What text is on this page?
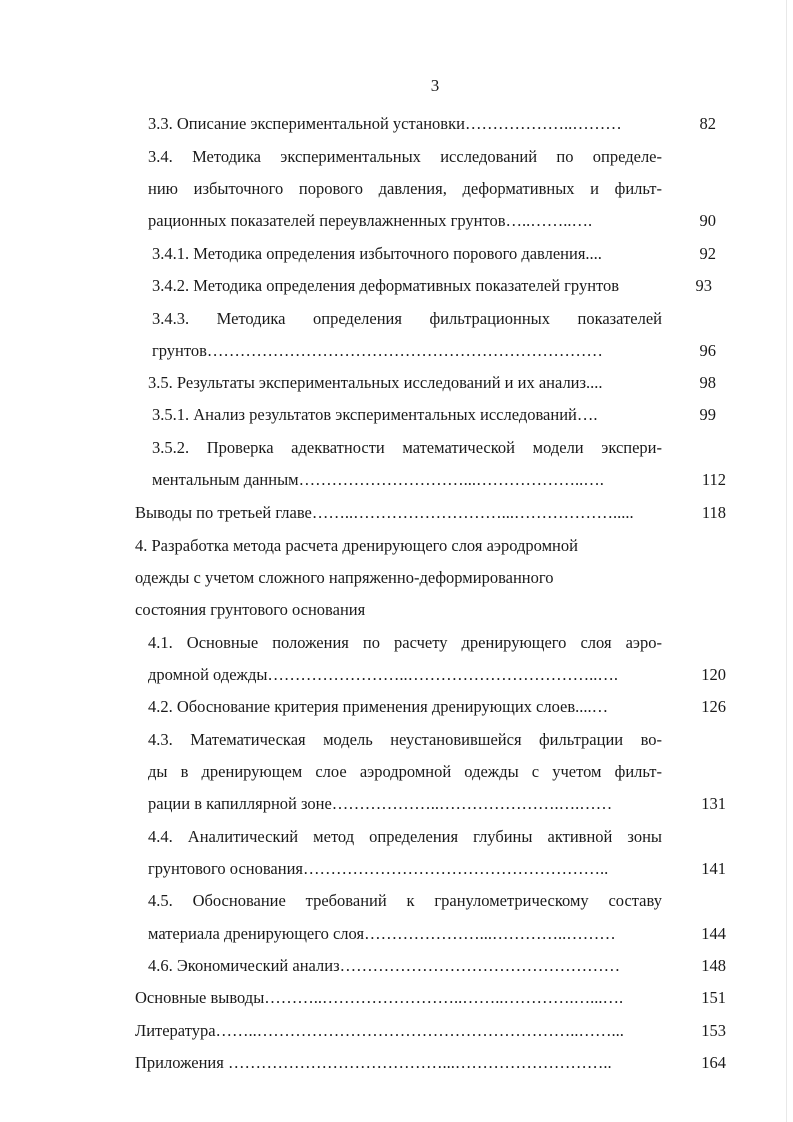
3
3.3. Описание экспериментальной установки………………..………	82
3.4. Методика экспериментальных исследований по определе-
нию избыточного порового давления, деформативных и фильт-
рационных показателей переувлажненных грунтов…..……..….	90
3.4.1. Методика определения избыточного порового давления....	92
3.4.2. Методика определения деформативных показателей грунтов	93
3.4.3. Методика определения фильтрационных показателей
грунтов………………………………………………………………	96
3.5. Результаты экспериментальных исследований и их анализ....	98
3.5.1. Анализ результатов экспериментальных исследований….	99
3.5.2. Проверка адекватности математической модели экспери-
ментальным данным…………………………...………………..….	112
Выводы по третьей главе……..………………………...……………….....	118
4. Разработка метода расчета дренирующего слоя аэродромной
одежды с учетом сложного напряженно-деформированного
состояния грунтового основания
4.1. Основные положения по расчету дренирующего слоя аэро-
дромной одежды……………………..……………………………..….	120
4.2. Обоснование критерия применения дренирующих слоев....…	126
4.3. Математическая модель неустановившейся фильтрации во-
ды в дренирующем слое аэродромной одежды с учетом фильт-
рации в капиллярной зоне………………..………………….….……	131
4.4. Аналитический метод определения глубины активной зоны
грунтового основания………………………………………………..	141
4.5. Обоснование требований к гранулометрическому составу
материала дренирующего слоя…………………...…………..………	144
4.6. Экономический анализ……………………………………………	148
Основные выводы………..……………………..……..………….…...….	151
Литература……..…………………………………………………..……...	153
Приложения …………………………………...………………………..	164
